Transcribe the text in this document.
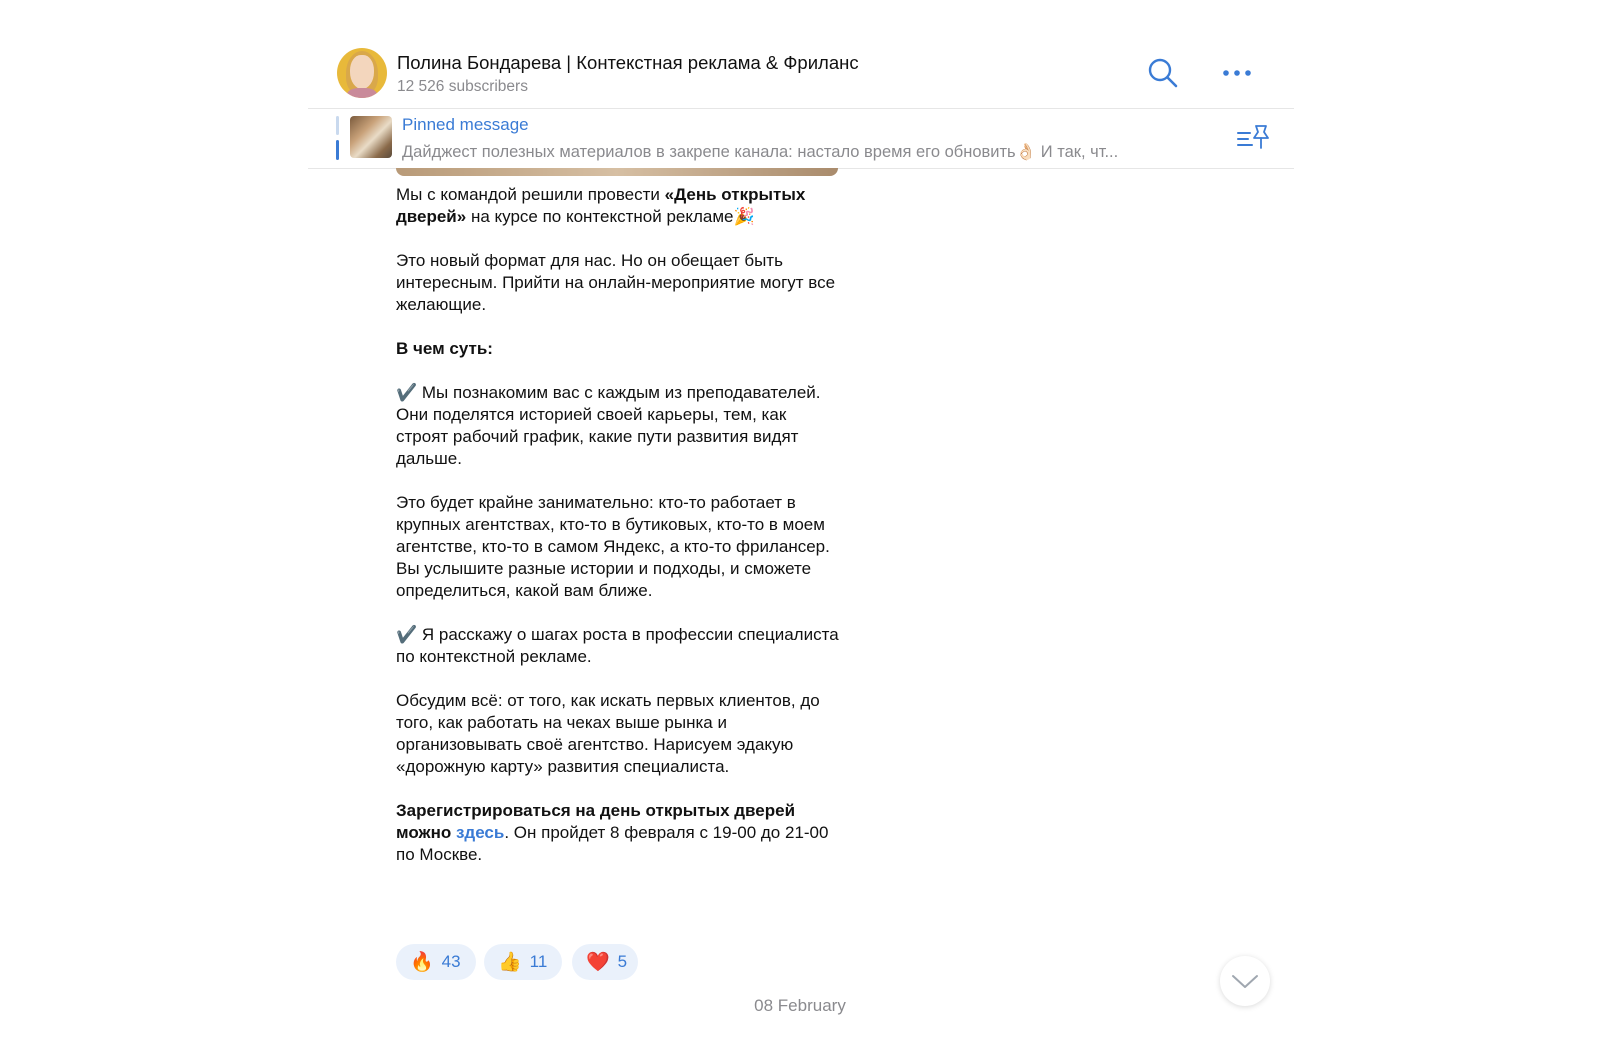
Полина Бондарева | Контекстная реклама & Фриланс
12 526 subscribers
Pinned message
Дайджест полезных материалов в закрепе канала: настало время его обновить👌🏻 И так, чт...

Мы с командой решили провести «День открытых дверей» на курсе по контекстной рекламе🎉

Это новый формат для нас. Но он обещает быть интересным. Прийти на онлайн-мероприятие могут все желающие.

В чем суть:

✔️ Мы познакомим вас с каждым из преподавателей. Они поделятся историей своей карьеры, тем, как строят рабочий график, какие пути развития видят дальше.

Это будет крайне занимательно: кто-то работает в крупных агентствах, кто-то в бутиковых, кто-то в моем агентстве, кто-то в самом Яндекс, а кто-то фрилансер. Вы услышите разные истории и подходы, и сможете определиться, какой вам ближе.

✔️ Я расскажу о шагах роста в профессии специалиста по контекстной рекламе.

Обсудим всё: от того, как искать первых клиентов, до того, как работать на чеках выше рынка и организовывать своё агентство. Нарисуем эдакую «дорожную карту» развития специалиста.

Зарегистрироваться на день открытых дверей можно здесь. Он пройдет 8 февраля с 19-00 до 21-00 по Москве.

🔥 43 👍 11 ❤️ 5
08 February
